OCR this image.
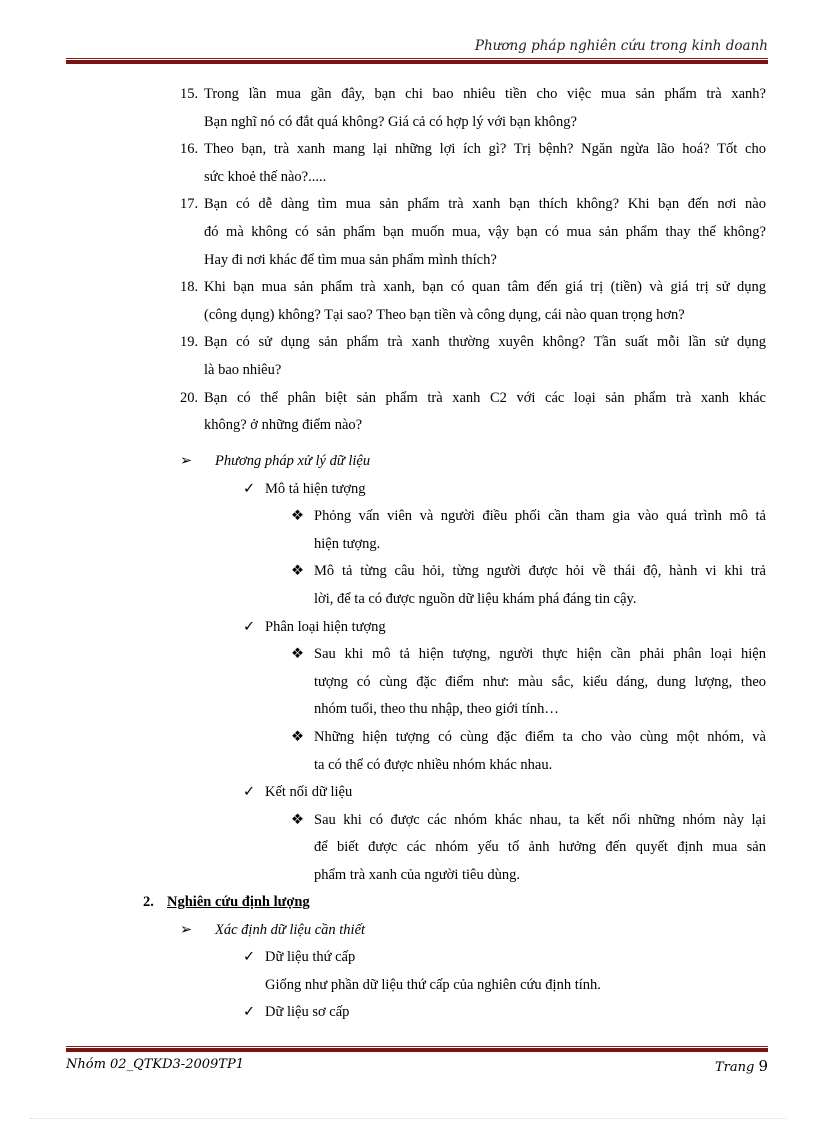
Phương pháp nghiên cứu trong kinh doanh
15. Trong lần mua gần đây, bạn chi bao nhiêu tiền cho việc mua sản phẩm trà xanh?
Bạn nghĩ nó có đắt quá không? Giá cả có hợp lý với bạn không?
16. Theo bạn, trà xanh mang lại những lợi ích gì? Trị bệnh? Ngăn ngừa lão hoá? Tốt cho
sức khoẻ thế nào?.....
17. Bạn có dễ dàng tìm mua sản phẩm trà xanh bạn thích không? Khi bạn đến nơi nào
đó mà không có sản phẩm bạn muốn mua, vậy bạn có mua sản phẩm thay thế không?
Hay đi nơi khác để tìm mua sản phẩm mình thích?
18. Khi bạn mua sản phẩm trà xanh, bạn có quan tâm đến giá trị (tiền) và giá trị sử dụng
(công dụng) không? Tại sao? Theo bạn tiền và công dụng, cái nào quan trọng hơn?
19. Bạn có sử dụng sản phẩm trà xanh thường xuyên không? Tần suất mỗi lần sử dụng
là bao nhiêu?
20. Bạn có thể phân biệt sản phẩm trà xanh C2 với các loại sản phẩm trà xanh khác
không? ở những điểm nào?
➢ Phương pháp xử lý dữ liệu
✓ Mô tả hiện tượng
❖ Phỏng vấn viên và người điều phối cần tham gia vào quá trình mô tả
hiện tượng.
❖ Mô tả từng câu hỏi, từng người được hỏi về thái độ, hành vi khi trả
lời, để ta có được nguồn dữ liệu khám phá đáng tin cậy.
✓ Phân loại hiện tượng
❖ Sau khi mô tả hiện tượng, người thực hiện cần phải phân loại hiện
tượng có cùng đặc điểm như: màu sắc, kiểu dáng, dung lượng, theo
nhóm tuổi, theo thu nhập, theo giới tính…
❖ Những hiện tượng có cùng đặc điểm ta cho vào cùng một nhóm, và
ta có thể có được nhiều nhóm khác nhau.
✓ Kết nối dữ liệu
❖ Sau khi có được các nhóm khác nhau, ta kết nối những nhóm này lại
để biết được các nhóm yếu tố ảnh hưởng đến quyết định mua sản
phẩm trà xanh của người tiêu dùng.
2. Nghiên cứu định lượng
➢ Xác định dữ liệu cần thiết
✓ Dữ liệu thứ cấp
Giống như phần dữ liệu thứ cấp của nghiên cứu định tính.
✓ Dữ liệu sơ cấp
Nhóm 02_QTKD3-2009TP1	Trang 9
